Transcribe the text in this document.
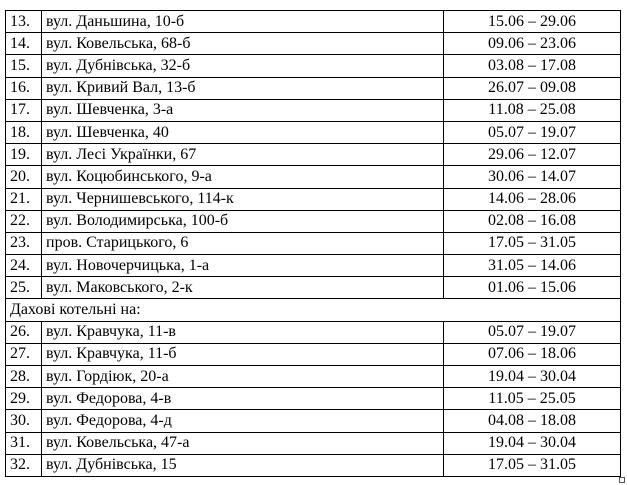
13.	вул. Даньшина, 10-б	15.06 – 29.06
14.	вул. Ковельська, 68-б	09.06 – 23.06
15.	вул. Дубнівська, 32-б	03.08 – 17.08
16.	вул. Кривий Вал, 13-б	26.07 – 09.08
17.	вул. Шевченка, 3-а	11.08 – 25.08
18.	вул. Шевченка, 40	05.07 – 19.07
19.	вул. Лесі Українки, 67	29.06 – 12.07
20.	вул. Коцюбинського, 9-а	30.06 – 14.07
21.	вул. Чернишевського, 114-к	14.06 – 28.06
22.	вул. Володимирська, 100-б	02.08 – 16.08
23.	пров. Старицького, 6	17.05 – 31.05
24.	вул. Новочерчицька, 1-а	31.05 – 14.06
25.	вул. Маковського, 2-к	01.06 – 15.06
Дахові котельні на:		
26.	вул. Кравчука, 11-в	05.07 – 19.07
27.	вул. Кравчука, 11-б	07.06 – 18.06
28.	вул. Гордіюк, 20-а	19.04 – 30.04
29.	вул. Федорова, 4-в	11.05 – 25.05
30.	вул. Федорова, 4-д	04.08 – 18.08
31.	вул. Ковельська, 47-а	19.04 – 30.04
32.	вул. Дубнівська, 15	17.05 – 31.05
